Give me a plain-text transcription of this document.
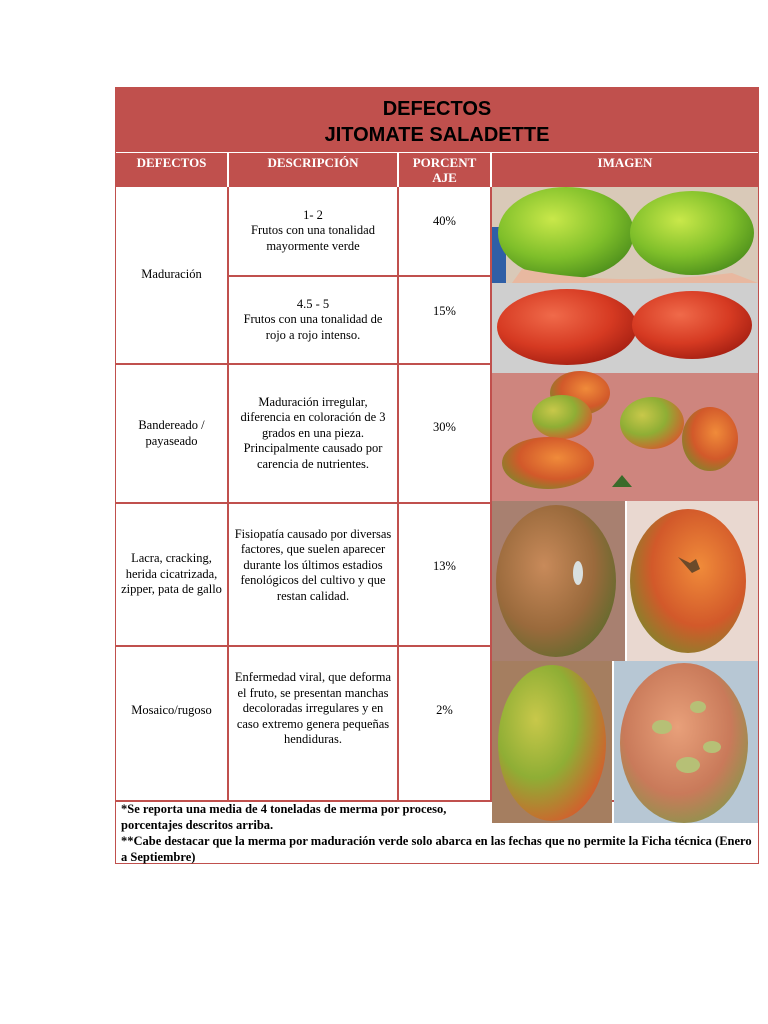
DEFECTOS
JITOMATE SALADETTE
DEFECTOS	DESCRIPCIÓN	PORCENT
AJE
IMAGEN
Maduración
1- 2
Frutos con una tonalidad mayormente verde
40%
4.5 - 5
Frutos con una tonalidad de rojo a rojo intenso.
15%
Bandereado / payaseado
Maduración irregular, diferencia en coloración de 3 grados en una pieza. Principalmente causado por carencia de nutrientes.
30%
Lacra, cracking, herida cicatrizada, zipper, pata de gallo
Fisiopatía causado por diversas factores, que suelen aparecer durante los últimos estadios fenológicos del cultivo y que restan calidad.
13%
Mosaico/rugoso
Enfermedad viral, que deforma el fruto, se presentan manchas decoloradas irregulares y en caso extremo genera pequeñas hendiduras.
2%

*Se reporta una media de 4 toneladas de merma por proceso,

porcentajes descritos arriba.

**Cabe destacar que la merma por maduración verde solo abarca en las fechas que no permite la Ficha técnica (Enero a Septiembre)
